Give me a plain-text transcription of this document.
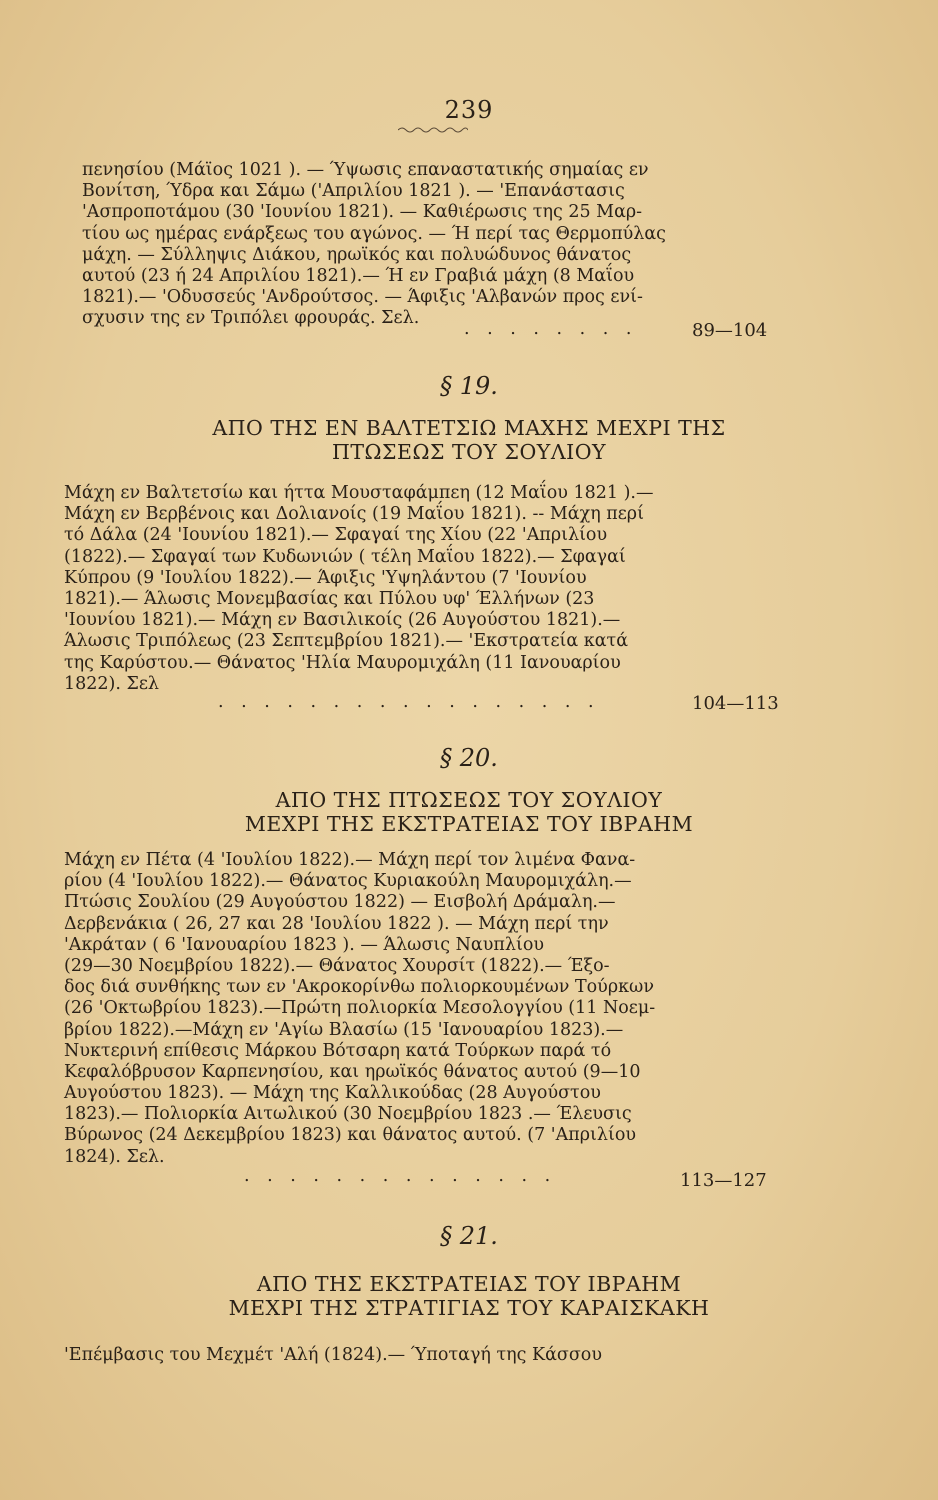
239
πενησίου (Μάϊος 1021 ). — Ύψωσις επαναστατικής σημαίας εν
Βονίτση, Ύδρα και Σάμω ('Απριλίου 1821 ). — 'Επανάστασις
'Ασπροποτάμου (30 'Ιουνίου 1821). — Καθιέρωσις της 25 Μαρ-
τίου ως ημέρας ενάρξεως του αγώνος. — Ή περί τας Θερμοπύλας
μάχη. — Σύλληψις Διάκου, ηρωϊκός και πολυώδυνος θάνατος
αυτού (23 ή 24 Απριλίου 1821).— Ή εν Γραβιά μάχη (8 Μαΐου
1821).— 'Οδυσσεύς 'Ανδρούτσος. — Άφιξις 'Αλβανών προς ενί-
σχυσιν της εν Τριπόλει φρουράς. Σελ.
. . . . . . . .	89—104
§ 19.
ΑΠΟ ΤΗΣ ΕΝ ΒΑΛΤΕΤΣΙΩ ΜΑΧΗΣ ΜΕΧΡΙ ΤΗΣ
ΠΤΩΣΕΩΣ ΤΟΥ ΣΟΥΛΙΟΥ
Μάχη εν Βαλτετσίω και ήττα Μουσταφάμπεη (12 Μαΐου 1821 ).—
Μάχη εν Βερβένοις και Δολιανοίς (19 Μαΐου 1821). -- Μάχη περί
τό Δάλα (24 'Ιουνίου 1821).— Σφαγαί της Χίου (22 'Απριλίου
(1822).— Σφαγαί των Κυδωνιών ( τέλη Μαΐου 1822).— Σφαγαί
Κύπρου (9 'Ιουλίου 1822).— Άφιξις 'Υψηλάντου (7 'Ιουνίου
1821).— Άλωσις Μονεμβασίας και Πύλου υφ' Έλλήνων (23
'Ιουνίου 1821).— Μάχη εν Βασιλικοίς (26 Αυγούστου 1821).—
Άλωσις Τριπόλεως (23 Σεπτεμβρίου 1821).— 'Εκστρατεία κατά
της Καρύστου.— Θάνατος 'Ηλία Μαυρομιχάλη (11 Ιανουαρίου
1822). Σελ
. . . . . . . . . . . . . . . . .	104—113
§ 20.
ΑΠΟ ΤΗΣ ΠΤΩΣΕΩΣ ΤΟΥ ΣΟΥΛΙΟΥ
ΜΕΧΡΙ ΤΗΣ ΕΚΣΤΡΑΤΕΙΑΣ ΤΟΥ ΙΒΡΑΗΜ
Μάχη εν Πέτα (4 'Ιουλίου 1822).— Μάχη περί τον λιμένα Φανα-
ρίου (4 'Ιουλίου 1822).— Θάνατος Κυριακούλη Μαυρομιχάλη.—
Πτώσις Σουλίου (29 Αυγούστου 1822) — Εισβολή Δράμαλη.—
Δερβενάκια ( 26, 27 και 28 'Ιουλίου 1822 ). — Μάχη περί την
'Ακράταν ( 6 'Ιανουαρίου 1823 ). — Άλωσις Ναυπλίου
(29—30 Νοεμβρίου 1822).— Θάνατος Χουρσίτ (1822).— Έξο-
δος διά συνθήκης των εν 'Ακροκορίνθω πολιορκουμένων Τούρκων
(26 'Οκτωβρίου 1823).—Πρώτη πολιορκία Μεσολογγίου (11 Νοεμ-
βρίου 1822).—Μάχη εν 'Αγίω Βλασίω (15 'Ιανουαρίου 1823).—
Νυκτερινή επίθεσις Μάρκου Βότσαρη κατά Τούρκων παρά τό
Κεφαλόβρυσον Καρπενησίου, και ηρωϊκός θάνατος αυτού (9—10
Αυγούστου 1823). — Μάχη της Καλλικούδας (28 Αυγούστου
1823).— Πολιορκία Αιτωλικού (30 Νοεμβρίου 1823 .— Έλευσις
Βύρωνος (24 Δεκεμβρίου 1823) και θάνατος αυτού. (7 'Απριλίου
1824). Σελ.
. . . . . . . . . . . . . .	113—127
§ 21.
ΑΠΟ ΤΗΣ ΕΚΣΤΡΑΤΕΙΑΣ ΤΟΥ ΙΒΡΑΗΜ
ΜΕΧΡΙ ΤΗΣ ΣΤΡΑΤΙΓΙΑΣ ΤΟΥ ΚΑΡΑΙΣΚΑΚΗ
'Επέμβασις του Μεχμέτ 'Αλή (1824).— Ύποταγή της Κάσσου
